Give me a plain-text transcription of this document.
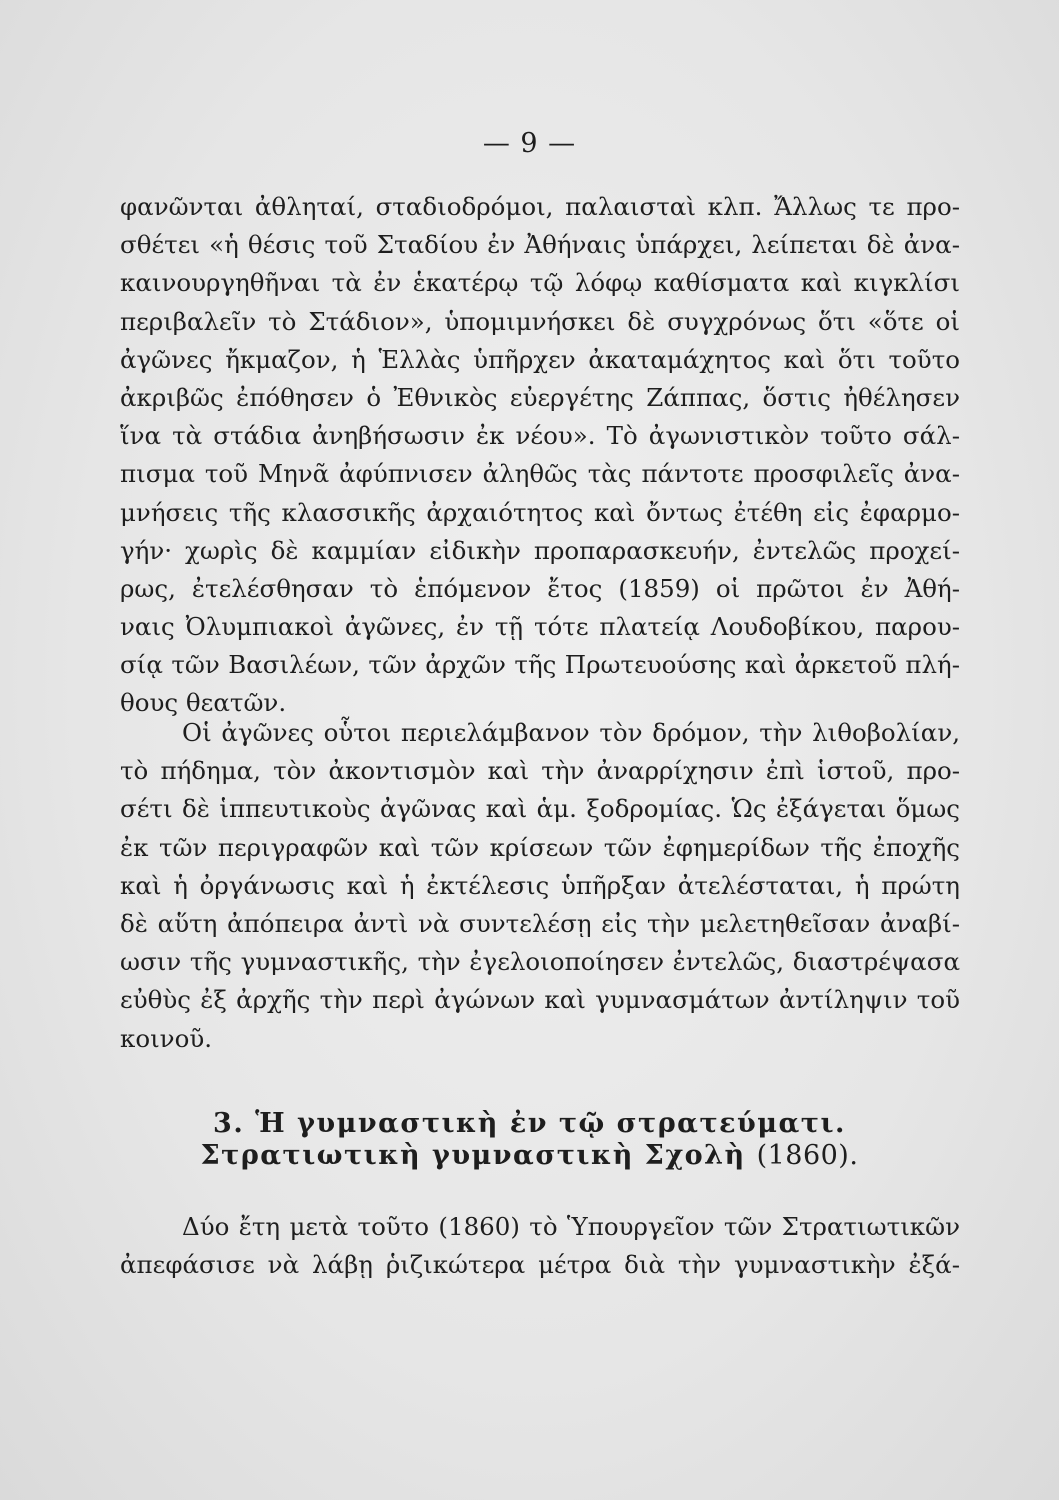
— 9 —
φανῶνται ἀθληταί, σταδιοδρόμοι, παλαισταὶ κλπ. Ἄλλως τε προ-
σθέτει «ἡ θέσις τοῦ Σταδίου ἐν Ἀθήναις ὑπάρχει, λείπεται δὲ ἀνα-
καινουργηθῆναι τὰ ἐν ἑκατέρῳ τῷ λόφῳ καθίσματα καὶ κιγκλίσι
περιβαλεῖν τὸ Στάδιον», ὑπομιμνήσκει δὲ συγχρόνως ὅτι «ὅτε οἱ
ἀγῶνες ἤκμαζον, ἡ Ἑλλὰς ὑπῆρχεν ἀκαταμάχητος καὶ ὅτι τοῦτο
ἀκριβῶς ἐπόθησεν ὁ Ἐθνικὸς εὐεργέτης Ζάππας, ὅστις ἠθέλησεν
ἵνα τὰ στάδια ἀνηβήσωσιν ἐκ νέου». Τὸ ἀγωνιστικὸν τοῦτο σάλ-
πισμα τοῦ Μηνᾶ ἀφύπνισεν ἀληθῶς τὰς πάντοτε προσφιλεῖς ἀνα-
μνήσεις τῆς κλασσικῆς ἀρχαιότητος καὶ ὄντως ἐτέθη εἰς ἐφαρμο-
γήν· χωρὶς δὲ καμμίαν εἰδικὴν προπαρασκευήν, ἐντελῶς προχεί-
ρως, ἐτελέσθησαν τὸ ἑπόμενον ἔτος (1859) οἱ πρῶτοι ἐν Ἀθή-
ναις Ὀλυμπιακοὶ ἀγῶνες, ἐν τῇ τότε πλατείᾳ Λουδοβίκου, παρου-
σίᾳ τῶν Βασιλέων, τῶν ἀρχῶν τῆς Πρωτευούσης καὶ ἀρκετοῦ πλή-
θους θεατῶν.
Οἱ ἀγῶνες οὗτοι περιελάμβανον τὸν δρόμον, τὴν λιθοβολίαν,
τὸ πήδημα, τὸν ἀκοντισμὸν καὶ τὴν ἀναρρίχησιν ἐπὶ ἱστοῦ, προ-
σέτι δὲ ἱππευτικοὺς ἀγῶνας καὶ ἁμ. ξοδρομίας. Ὡς ἐξάγεται ὅμως
ἐκ τῶν περιγραφῶν καὶ τῶν κρίσεων τῶν ἐφημερίδων τῆς ἐποχῆς
καὶ ἡ ὀργάνωσις καὶ ἡ ἐκτέλεσις ὑπῆρξαν ἀτελέσταται, ἡ πρώτη
δὲ αὕτη ἀπόπειρα ἀντὶ νὰ συντελέσῃ εἰς τὴν μελετηθεῖσαν ἀναβί-
ωσιν τῆς γυμναστικῆς, τὴν ἐγελοιοποίησεν ἐντελῶς, διαστρέψασα
εὐθὺς ἐξ ἀρχῆς τὴν περὶ ἀγώνων καὶ γυμνασμάτων ἀντίληψιν τοῦ
κοινοῦ.
3. Ἡ γυμναστικὴ ἐν τῷ στρατεύματι.
Στρατιωτικὴ γυμναστικὴ Σχολὴ (1860).
Δύο ἔτη μετὰ τοῦτο (1860) τὸ Ὑπουργεῖον τῶν Στρατιωτικῶν
ἀπεφάσισε νὰ λάβῃ ῥιζικώτερα μέτρα διὰ τὴν γυμναστικὴν ἐξά-
